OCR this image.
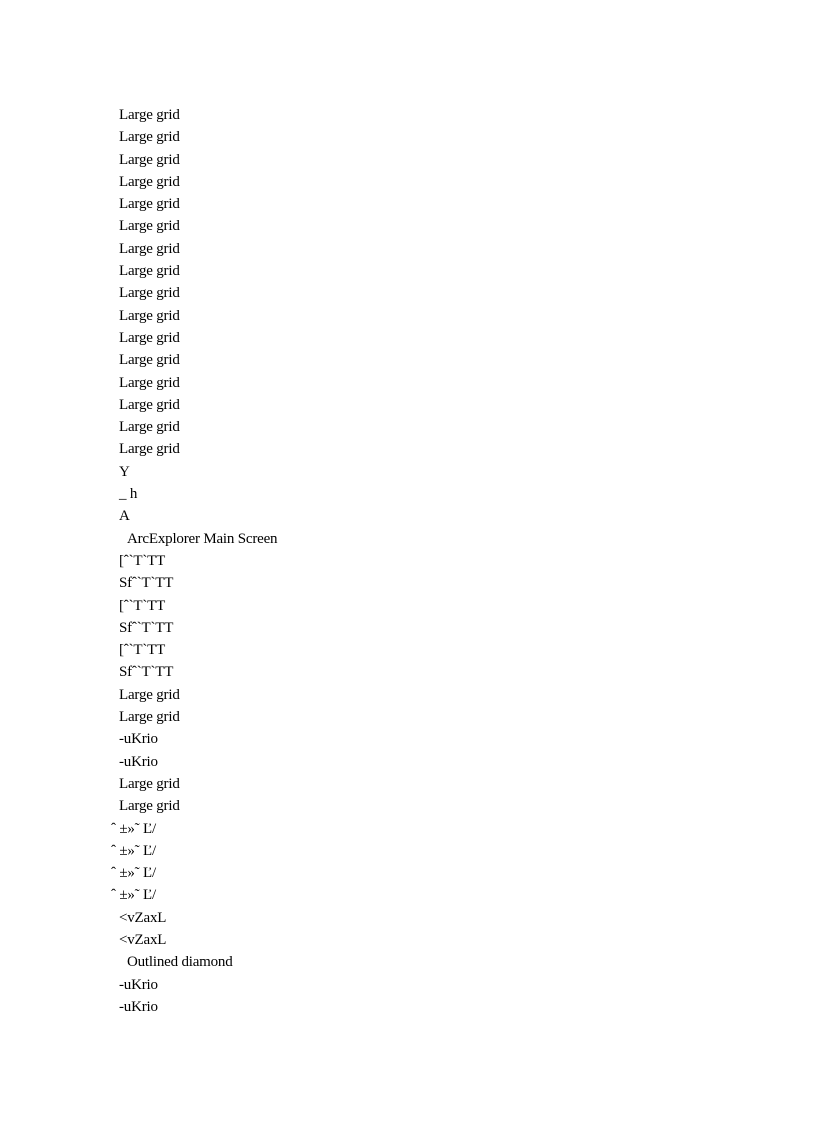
Large grid
Large grid
Large grid
Large grid
Large grid
Large grid
Large grid
Large grid
Large grid
Large grid
Large grid
Large grid
Large grid
Large grid
Large grid
Large grid
Y
_ h
A
ArcExplorer Main Screen
[ˆ`T`TT
Sfˆ`T`TT
[ˆ`T`TT
Sfˆ`T`TT
[ˆ`T`TT
Sfˆ`T`TT
Large grid
Large grid
-uKrio
-uKrio
Large grid
Large grid
ˆ ±»˜ Ľ/
ˆ ±»˜ Ľ/
ˆ ±»˜ Ľ/
ˆ ±»˜ Ľ/
<vZaxL
<vZaxL
Outlined diamond
-uKrio
-uKrio
